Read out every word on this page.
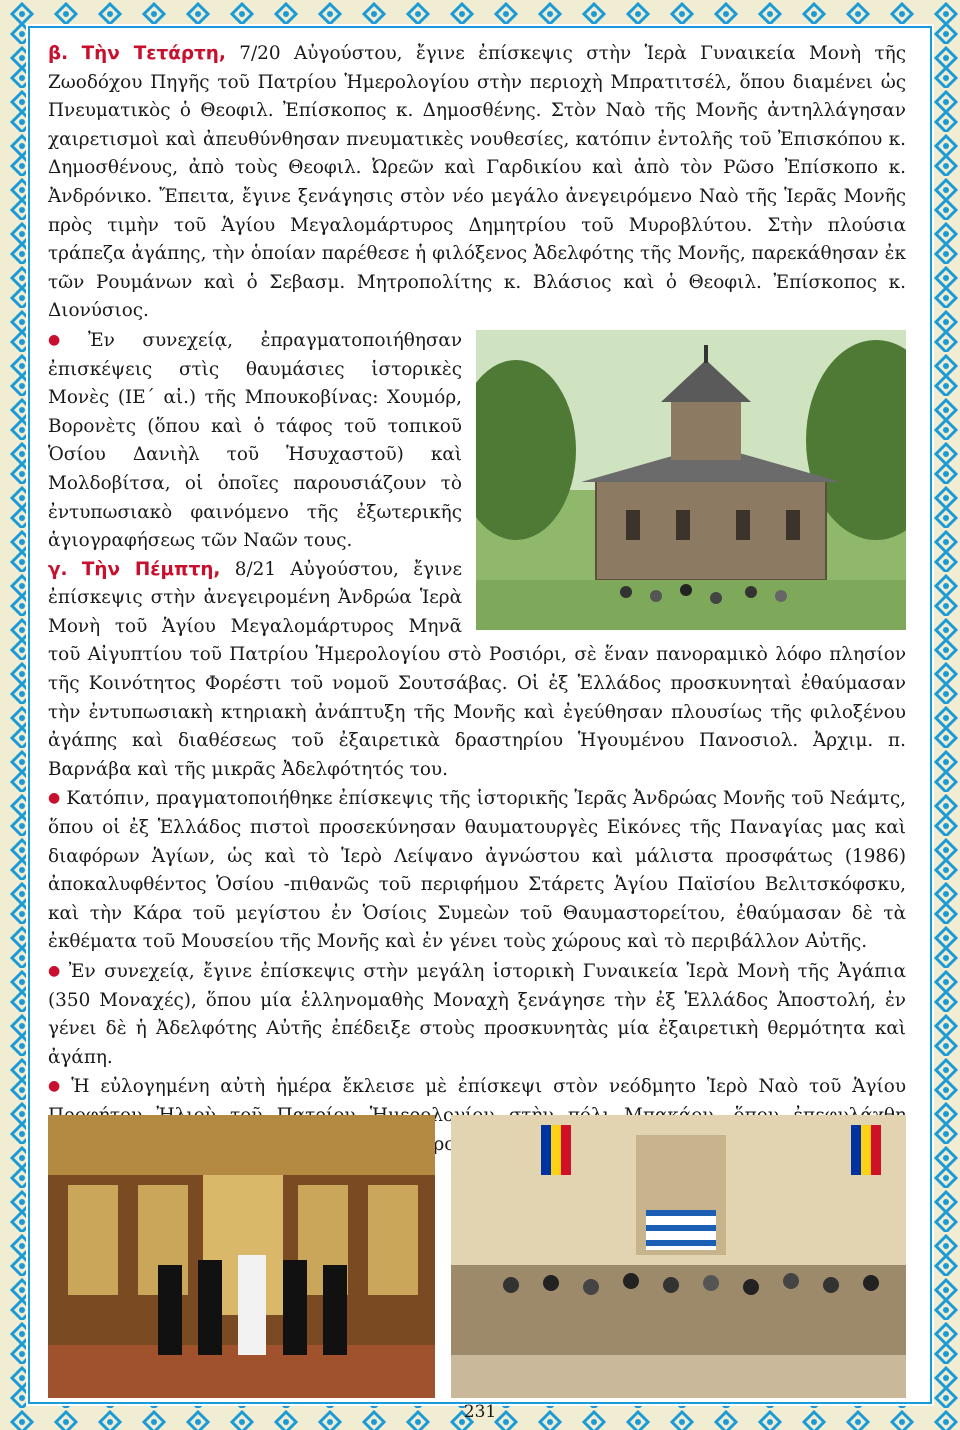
β. Τὴν Τετάρτη, 7/20 Αὐγούστου, ἔγινε ἐπίσκεψις στὴν Ἱερὰ Γυναικεία Μονὴ τῆς Ζωοδόχου Πηγῆς τοῦ Πατρίου Ἡμερολογίου στὴν περιοχὴ Μπρατιτσέλ, ὅπου διαμένει ὡς Πνευματικὸς ὁ Θεοφιλ. Ἐπίσκοπος κ. Δημοσθένης. Στὸν Ναὸ τῆς Μονῆς ἀντηλλάγησαν χαιρετισμοὶ καὶ ἀπευθύνθησαν πνευματικὲς νουθεσίες, κατόπιν ἐντολῆς τοῦ Ἐπισκόπου κ. Δημοσθένους, ἀπὸ τοὺς Θεοφιλ. Ὠρεῶν καὶ Γαρδικίου καὶ ἀπὸ τὸν Ρῶσο Ἐπίσκοπο κ. Ἀνδρόνικο. Ἔπειτα, ἔγινε ξενάγησις στὸν νέο μεγάλο ἀνεγειρόμενο Ναὸ τῆς Ἱερᾶς Μονῆς πρὸς τιμὴν τοῦ Ἁγίου Μεγαλομάρτυρος Δημητρίου τοῦ Μυροβλύτου. Στὴν πλούσια τράπεζα ἀγάπης, τὴν ὁποίαν παρέθεσε ἡ φιλόξενος Ἀδελφότης τῆς Μονῆς, παρεκάθησαν ἐκ τῶν Ρουμάνων καὶ ὁ Σεβασμ. Μητροπολίτης κ. Βλάσιος καὶ ὁ Θεοφιλ. Ἐπίσκοπος κ. Διονύσιος.

● Ἐν συνεχείᾳ, ἐπραγματοποιήθησαν ἐπισκέψεις στὶς θαυμάσιες ἱστορικὲς Μονὲς (ΙΕ´ αἰ.) τῆς Μπουκοβίνας: Χουμόρ, Βορονὲτς (ὅπου καὶ ὁ τάφος τοῦ τοπικοῦ Ὁσίου Δανιὴλ τοῦ Ἡσυχαστοῦ) καὶ Μολδοβίτσα, οἱ ὁποῖες παρουσιάζουν τὸ ἐντυπωσιακὸ φαινόμενο τῆς ἐξωτερικῆς ἁγιογραφήσεως τῶν Ναῶν τους.

γ. Τὴν Πέμπτη, 8/21 Αὐγούστου, ἔγινε ἐπίσκεψις στὴν ἀνεγειρομένη Ἀνδρώα Ἱερὰ Μονὴ τοῦ Ἁγίου Μεγαλομάρτυρος Μηνᾶ τοῦ Αἰγυπτίου τοῦ Πατρίου Ἡμερολογίου στὸ Ροσιόρι, σὲ ἕναν πανοραμικὸ λόφο πλησίον τῆς Κοινότητος Φορέστι τοῦ νομοῦ Σουτσάβας. Οἱ ἐξ Ἑλλάδος προσκυνηταὶ ἐθαύμασαν τὴν ἐντυπωσιακὴ κτηριακὴ ἀνάπτυξη τῆς Μονῆς καὶ ἐγεύθησαν πλουσίως τῆς φιλοξένου ἀγάπης καὶ διαθέσεως τοῦ ἐξαιρετικὰ δραστηρίου Ἡγουμένου Πανοσιολ. Ἀρχιμ. π. Βαρνάβα καὶ τῆς μικρᾶς Ἀδελφότητός του.

● Κατόπιν, πραγματοποιήθηκε ἐπίσκεψις τῆς ἱστορικῆς Ἱερᾶς Ἀνδρώας Μονῆς τοῦ Νεάμτς, ὅπου οἱ ἐξ Ἑλλάδος πιστοὶ προσεκύνησαν θαυματουργὲς Εἰκόνες τῆς Παναγίας μας καὶ διαφόρων Ἁγίων, ὡς καὶ τὸ Ἱερὸ Λείψανο ἀγνώστου καὶ μάλιστα προσφάτως (1986) ἀποκαλυφθέντος Ὁσίου -πιθανῶς τοῦ περιφήμου Στάρετς Ἁγίου Παϊσίου Βελιτσκόφσκυ, καὶ τὴν Κάρα τοῦ μεγίστου ἐν Ὁσίοις Συμεὼν τοῦ Θαυμαστορείτου, ἐθαύμασαν δὲ τὰ ἐκθέματα τοῦ Μουσείου τῆς Μονῆς καὶ ἐν γένει τοὺς χώρους καὶ τὸ περιβάλλον Αὐτῆς.

● Ἐν συνεχείᾳ, ἔγινε ἐπίσκεψις στὴν μεγάλη ἱστορικὴ Γυναικεία Ἱερὰ Μονὴ τῆς Ἀγάπια (350 Μοναχές), ὅπου μία ἑλληνομαθὴς Μοναχὴ ξενάγησε τὴν ἐξ Ἑλλάδος Ἀποστολή, ἐν γένει δὲ ἡ Ἀδελφότης Αὐτῆς ἐπέδειξε στοὺς προσκυνητὰς μία ἐξαιρετικὴ θερμότητα καὶ ἀγάπη.

● Ἡ εὐλογημένη αὐτὴ ἡμέρα ἔκλεισε μὲ ἐπίσκεψι στὸν νεόδμητο Ἱερὸ Ναὸ τοῦ Ἁγίου

231
